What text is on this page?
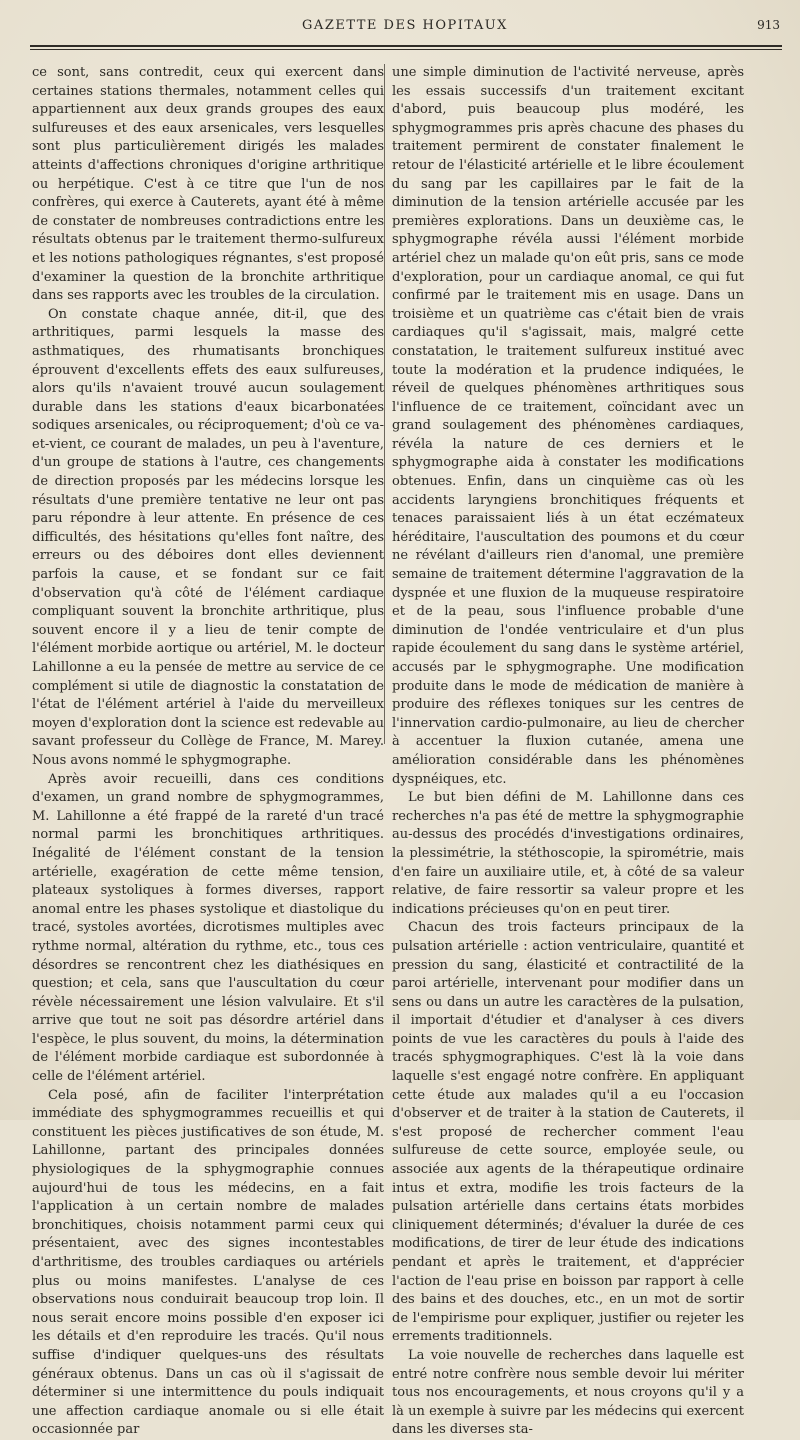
GAZETTE DES HOPITAUX	913

ce sont, sans contredit, ceux qui exercent dans certaines stations thermales, notamment celles qui appartiennent aux deux grands groupes des eaux sulfureuses et des eaux arsenicales, vers lesquelles sont plus particulièrement dirigés les malades atteints d'affections chroniques d'origine arthritique ou herpétique. C'est à ce titre que l'un de nos confrères, qui exerce à Cauterets, ayant été à même de constater de nombreuses contradictions entre les résultats obtenus par le traitement thermo-sulfureux et les notions pathologiques régnantes, s'est proposé d'examiner la question de la bronchite arthritique dans ses rapports avec les troubles de la circulation.

On constate chaque année, dit-il, que des arthritiques, parmi lesquels la masse des asthmatiques, des rhumatisants bronchiques éprouvent d'excellents effets des eaux sulfureuses, alors qu'ils n'avaient trouvé aucun soulagement durable dans les stations d'eaux bicarbonatées sodiques arsenicales, ou réciproquement; d'où ce va-et-vient, ce courant de malades, un peu à l'aventure, d'un groupe de stations à l'autre, ces changements de direction proposés par les médecins lorsque les résultats d'une première tentative ne leur ont pas paru répondre à leur attente. En présence de ces difficultés, des hésitations qu'elles font naître, des erreurs ou des déboires dont elles deviennent parfois la cause, et se fondant sur ce fait d'observation qu'à côté de l'élément cardiaque compliquant souvent la bronchite arthritique, plus souvent encore il y a lieu de tenir compte de l'élément morbide aortique ou artériel, M. le docteur Lahillonne a eu la pensée de mettre au service de ce complément si utile de diagnostic la constatation de l'état de l'élément artériel à l'aide du merveilleux moyen d'exploration dont la science est redevable au savant professeur du Collège de France, M. Marey. Nous avons nommé le sphygmographe.

Après avoir recueilli, dans ces conditions d'examen, un grand nombre de sphygmogrammes, M. Lahillonne a été frappé de la rareté d'un tracé normal parmi les bronchitiques arthritiques. Inégalité de l'élément constant de la tension artérielle, exagération de cette même tension, plateaux systoliques à formes diverses, rapport anomal entre les phases systolique et diastolique du tracé, systoles avortées, dicrotismes multiples avec rythme normal, altération du rythme, etc., tous ces désordres se rencontrent chez les diathésiques en question; et cela, sans que l'auscultation du cœur révèle nécessairement une lésion valvulaire. Et s'il arrive que tout ne soit pas désordre artériel dans l'espèce, le plus souvent, du moins, la détermination de l'élément morbide cardiaque est subordonnée à celle de l'élément artériel.

Cela posé, afin de faciliter l'interprétation immédiate des sphygmogrammes recueillis et qui constituent les pièces justificatives de son étude, M. Lahillonne, partant des principales données physiologiques de la sphygmographie connues aujourd'hui de tous les médecins, en a fait l'application à un certain nombre de malades bronchitiques, choisis notamment parmi ceux qui présentaient, avec des signes incontestables d'arthritisme, des troubles cardiaques ou artériels plus ou moins manifestes. L'analyse de ces observations nous conduirait beaucoup trop loin. Il nous serait encore moins possible d'en exposer ici les détails et d'en reproduire les tracés. Qu'il nous suffise d'indiquer quelques-uns des résultats généraux obtenus. Dans un cas où il s'agissait de déterminer si une intermittence du pouls indiquait une affection cardiaque anomale ou si elle était occasionnée par

une simple diminution de l'activité nerveuse, après les essais successifs d'un traitement excitant d'abord, puis beaucoup plus modéré, les sphygmogrammes pris après chacune des phases du traitement permirent de constater finalement le retour de l'élasticité artérielle et le libre écoulement du sang par les capillaires par le fait de la diminution de la tension artérielle accusée par les premières explorations. Dans un deuxième cas, le sphygmographe révéla aussi l'élément morbide artériel chez un malade qu'on eût pris, sans ce mode d'exploration, pour un cardiaque anomal, ce qui fut confirmé par le traitement mis en usage. Dans un troisième et un quatrième cas c'était bien de vrais cardiaques qu'il s'agissait, mais, malgré cette constatation, le traitement sulfureux institué avec toute la modération et la prudence indiquées, le réveil de quelques phénomènes arthritiques sous l'influence de ce traitement, coïncidant avec un grand soulagement des phénomènes cardiaques, révéla la nature de ces derniers et le sphygmographe aida à constater les modifications obtenues. Enfin, dans un cinquième cas où les accidents laryngiens bronchitiques fréquents et tenaces paraissaient liés à un état eczémateux héréditaire, l'auscultation des poumons et du cœur ne révélant d'ailleurs rien d'anomal, une première semaine de traitement détermine l'aggravation de la dyspnée et une fluxion de la muqueuse respiratoire et de la peau, sous l'influence probable d'une diminution de l'ondée ventriculaire et d'un plus rapide écoulement du sang dans le système artériel, accusés par le sphygmographe. Une modification produite dans le mode de médication de manière à produire des réflexes toniques sur les centres de l'innervation cardio-pulmonaire, au lieu de chercher à accentuer la fluxion cutanée, amena une amélioration considérable dans les phénomènes dyspnéiques, etc.

Le but bien défini de M. Lahillonne dans ces recherches n'a pas été de mettre la sphygmographie au-dessus des procédés d'investigations ordinaires, la plessimétrie, la stéthoscopie, la spirométrie, mais d'en faire un auxiliaire utile, et, à côté de sa valeur relative, de faire ressortir sa valeur propre et les indications précieuses qu'on en peut tirer.

Chacun des trois facteurs principaux de la pulsation artérielle : action ventriculaire, quantité et pression du sang, élasticité et contractilité de la paroi artérielle, intervenant pour modifier dans un sens ou dans un autre les caractères de la pulsation, il importait d'étudier et d'analyser à ces divers points de vue les caractères du pouls à l'aide des tracés sphygmographiques. C'est là la voie dans laquelle s'est engagé notre confrère. En appliquant cette étude aux malades qu'il a eu l'occasion d'observer et de traiter à la station de Cauterets, il s'est proposé de rechercher comment l'eau sulfureuse de cette source, employée seule, ou associée aux agents de la thérapeutique ordinaire intus et extra, modifie les trois facteurs de la pulsation artérielle dans certains états morbides cliniquement déterminés; d'évaluer la durée de ces modifications, de tirer de leur étude des indications pendant et après le traitement, et d'apprécier l'action de l'eau prise en boisson par rapport à celle des bains et des douches, etc., en un mot de sortir de l'empirisme pour expliquer, justifier ou rejeter les errements traditionnels.

La voie nouvelle de recherches dans laquelle est entré notre confrère nous semble devoir lui mériter tous nos encouragements, et nous croyons qu'il y a là un exemple à suivre par les médecins qui exercent dans les diverses sta-
